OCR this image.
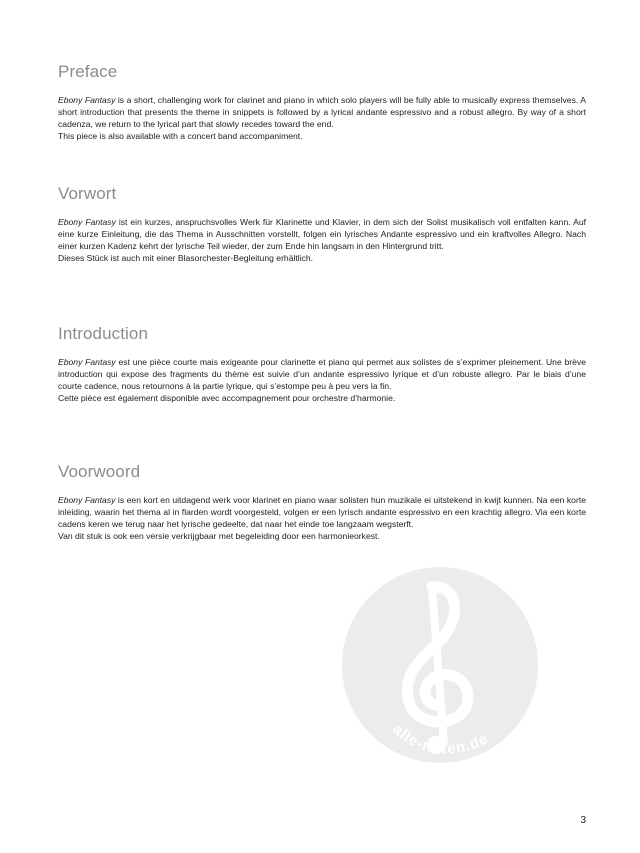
Preface

Ebony Fantasy is a short, challenging work for clarinet and piano in which solo players will be fully able to musically express themselves. A short introduction that presents the theme in snippets is followed by a lyrical andante espressivo and a robust allegro. By way of a short cadenza, we return to the lyrical part that slowly recedes toward the end.

This piece is also available with a concert band accompaniment.

Vorwort

Ebony Fantasy ist ein kurzes, anspruchsvolles Werk für Klarinette und Klavier, in dem sich der Solist musikalisch voll entfalten kann. Auf eine kurze Einleitung, die das Thema in Ausschnitten vorstellt, folgen ein lyrisches Andante espressivo und ein kraftvolles Allegro. Nach einer kurzen Kadenz kehrt der lyrische Teil wieder, der zum Ende hin langsam in den Hintergrund tritt.

Dieses Stück ist auch mit einer Blasorchester-Begleitung erhältlich.

Introduction

Ebony Fantasy est une pièce courte mais exigeante pour clarinette et piano qui permet aux solistes de s’exprimer pleinement. Une brève introduction qui expose des fragments du thème est suivie d’un andante espressivo lyrique et d’un robuste allegro. Par le biais d’une courte cadence, nous retournons à la partie lyrique, qui s’estompe peu à peu vers la fin.

Cette pièce est également disponible avec accompagnement pour orchestre d’harmonie.

Voorwoord

Ebony Fantasy is een kort en uitdagend werk voor klarinet en piano waar solisten hun muzikale ei uitstekend in kwijt kunnen. Na een korte inleiding, waarin het thema al in flarden wordt voorgesteld, volgen er een lyrisch andante espressivo en een krachtig allegro. Via een korte cadens keren we terug naar het lyrische gedeelte, dat naar het einde toe langzaam wegsterft.

Van dit stuk is ook een versie verkrijgbaar met begeleiding door een harmonieorkest.

alle-noten.de
3
